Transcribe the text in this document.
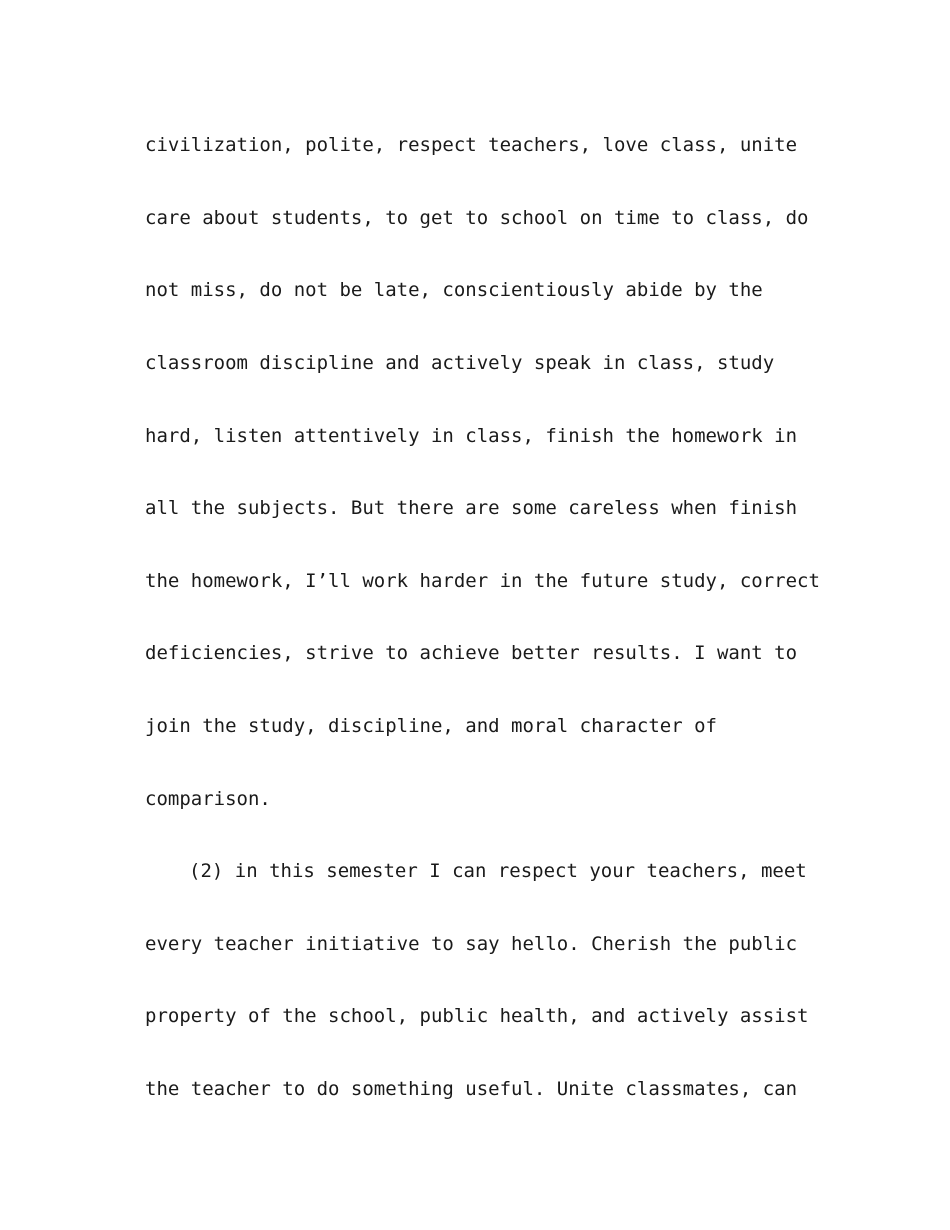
civilization, polite, respect teachers, love class, unite
care about students, to get to school on time to class, do
not miss, do not be late, conscientiously abide by the
classroom discipline and actively speak in class, study
hard, listen attentively in class, finish the homework in
all the subjects. But there are some careless when finish
the homework, I’ll work harder in the future study, correct
deficiencies, strive to achieve better results. I want to
join the study, discipline, and moral character of
comparison.
(2) in this semester I can respect your teachers, meet
every teacher initiative to say hello. Cherish the public
property of the school, public health, and actively assist
the teacher to do something useful. Unite classmates, can
